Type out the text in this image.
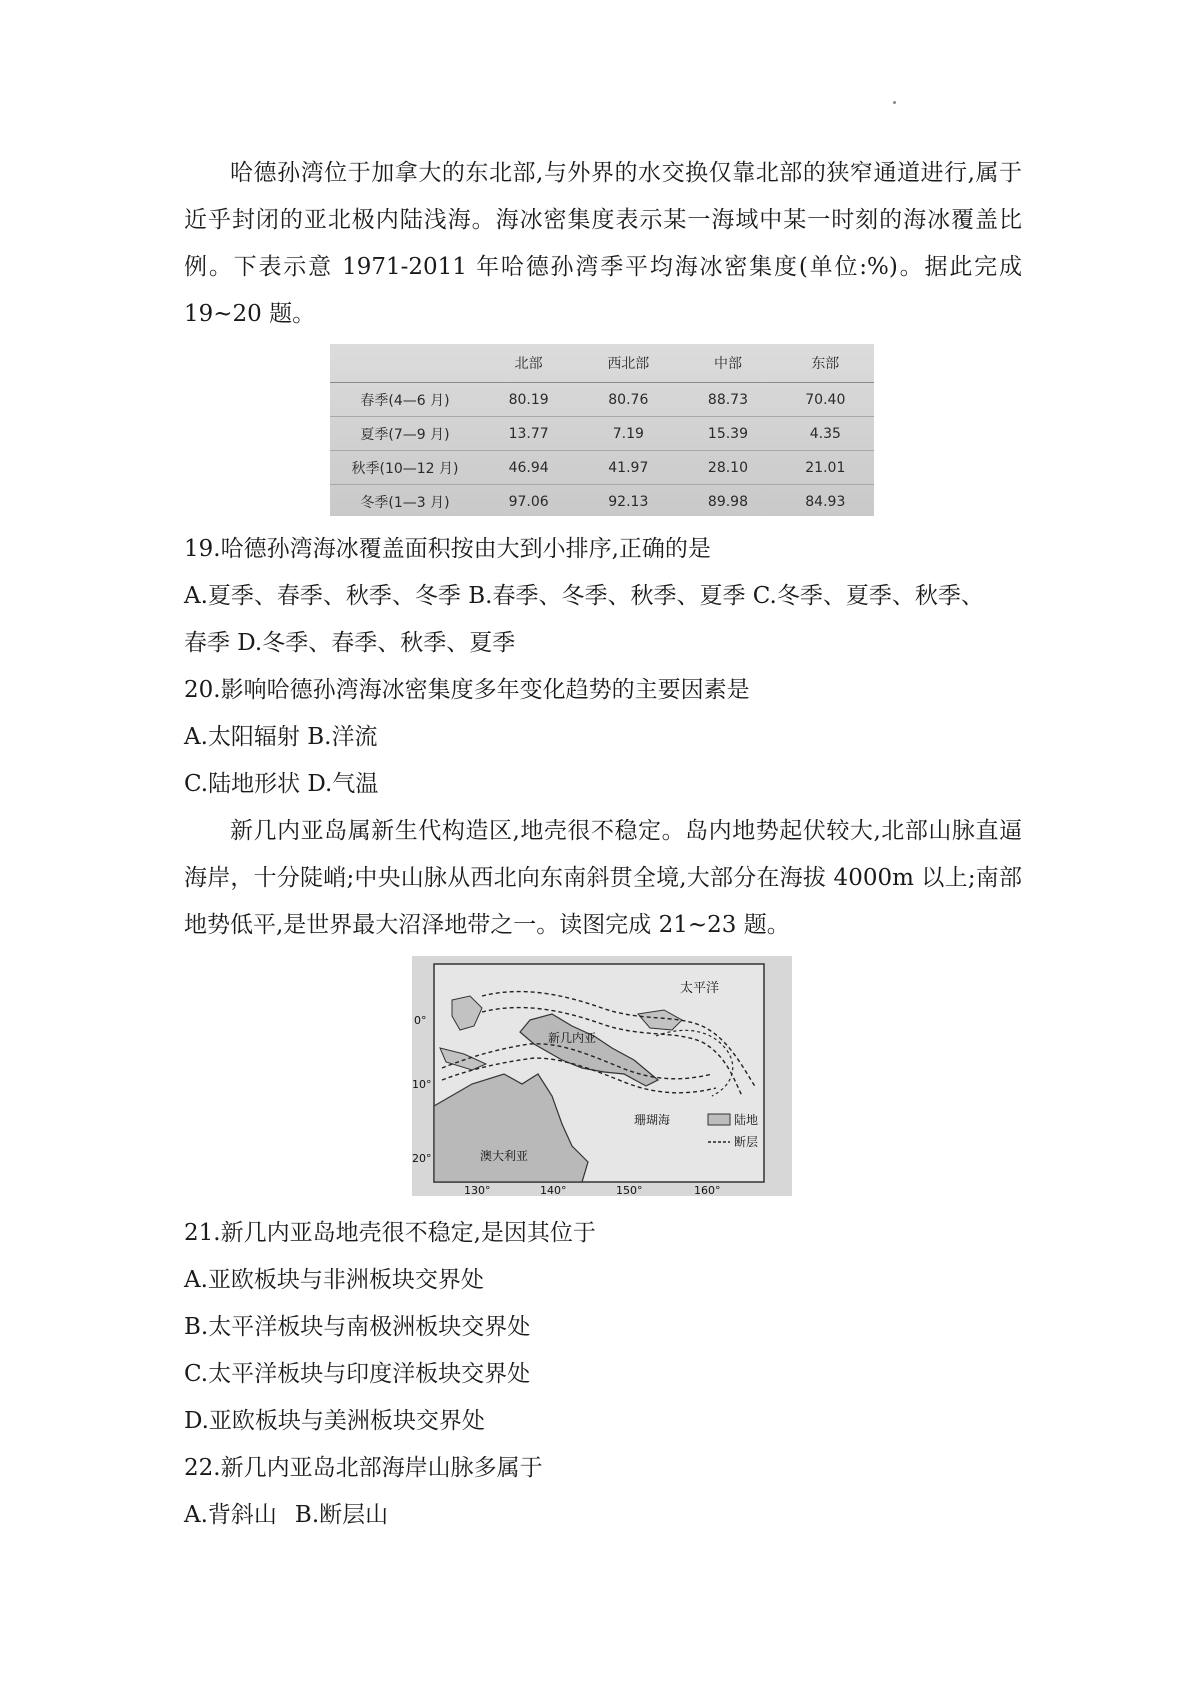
哈德孙湾位于加拿大的东北部,与外界的水交换仅靠北部的狭窄通道进行,属于近乎封闭的亚北极内陆浅海。海冰密集度表示某一海域中某一时刻的海冰覆盖比例。下表示意 1971-2011 年哈德孙湾季平均海冰密集度(单位:%)。据此完成 19~20 题。

	北部	西北部	中部	东部
春季(4—6 月)	80.19	80.76	88.73	70.40
夏季(7—9 月)	13.77	7.19	15.39	4.35
秋季(10—12 月)	46.94	41.97	28.10	21.01
冬季(1—3 月)	97.06	92.13	89.98	84.93

19.哈德孙湾海冰覆盖面积按由大到小排序,正确的是

A.夏季、春季、秋季、冬季 B.春季、冬季、秋季、夏季 C.冬季、夏季、秋季、

春季 D.冬季、春季、秋季、夏季

20.影响哈德孙湾海冰密集度多年变化趋势的主要因素是

A.太阳辐射 B.洋流

C.陆地形状 D.气温

新几内亚岛属新生代构造区,地壳很不稳定。岛内地势起伏较大,北部山脉直逼海岸，十分陡峭;中央山脉从西北向东南斜贯全境,大部分在海拔 4000m 以上;南部地势低平,是世界最大沼泽地带之一。读图完成 21~23 题。

太平洋
新几内亚
珊瑚海
澳大利亚
0°
10°
20°
130°	140°	150°	160°
陆地
断层

21.新几内亚岛地壳很不稳定,是因其位于

A.亚欧板块与非洲板块交界处

B.太平洋板块与南极洲板块交界处

C.太平洋板块与印度洋板块交界处

D.亚欧板块与美洲板块交界处

22.新几内亚岛北部海岸山脉多属于

A.背斜山 B.断层山
